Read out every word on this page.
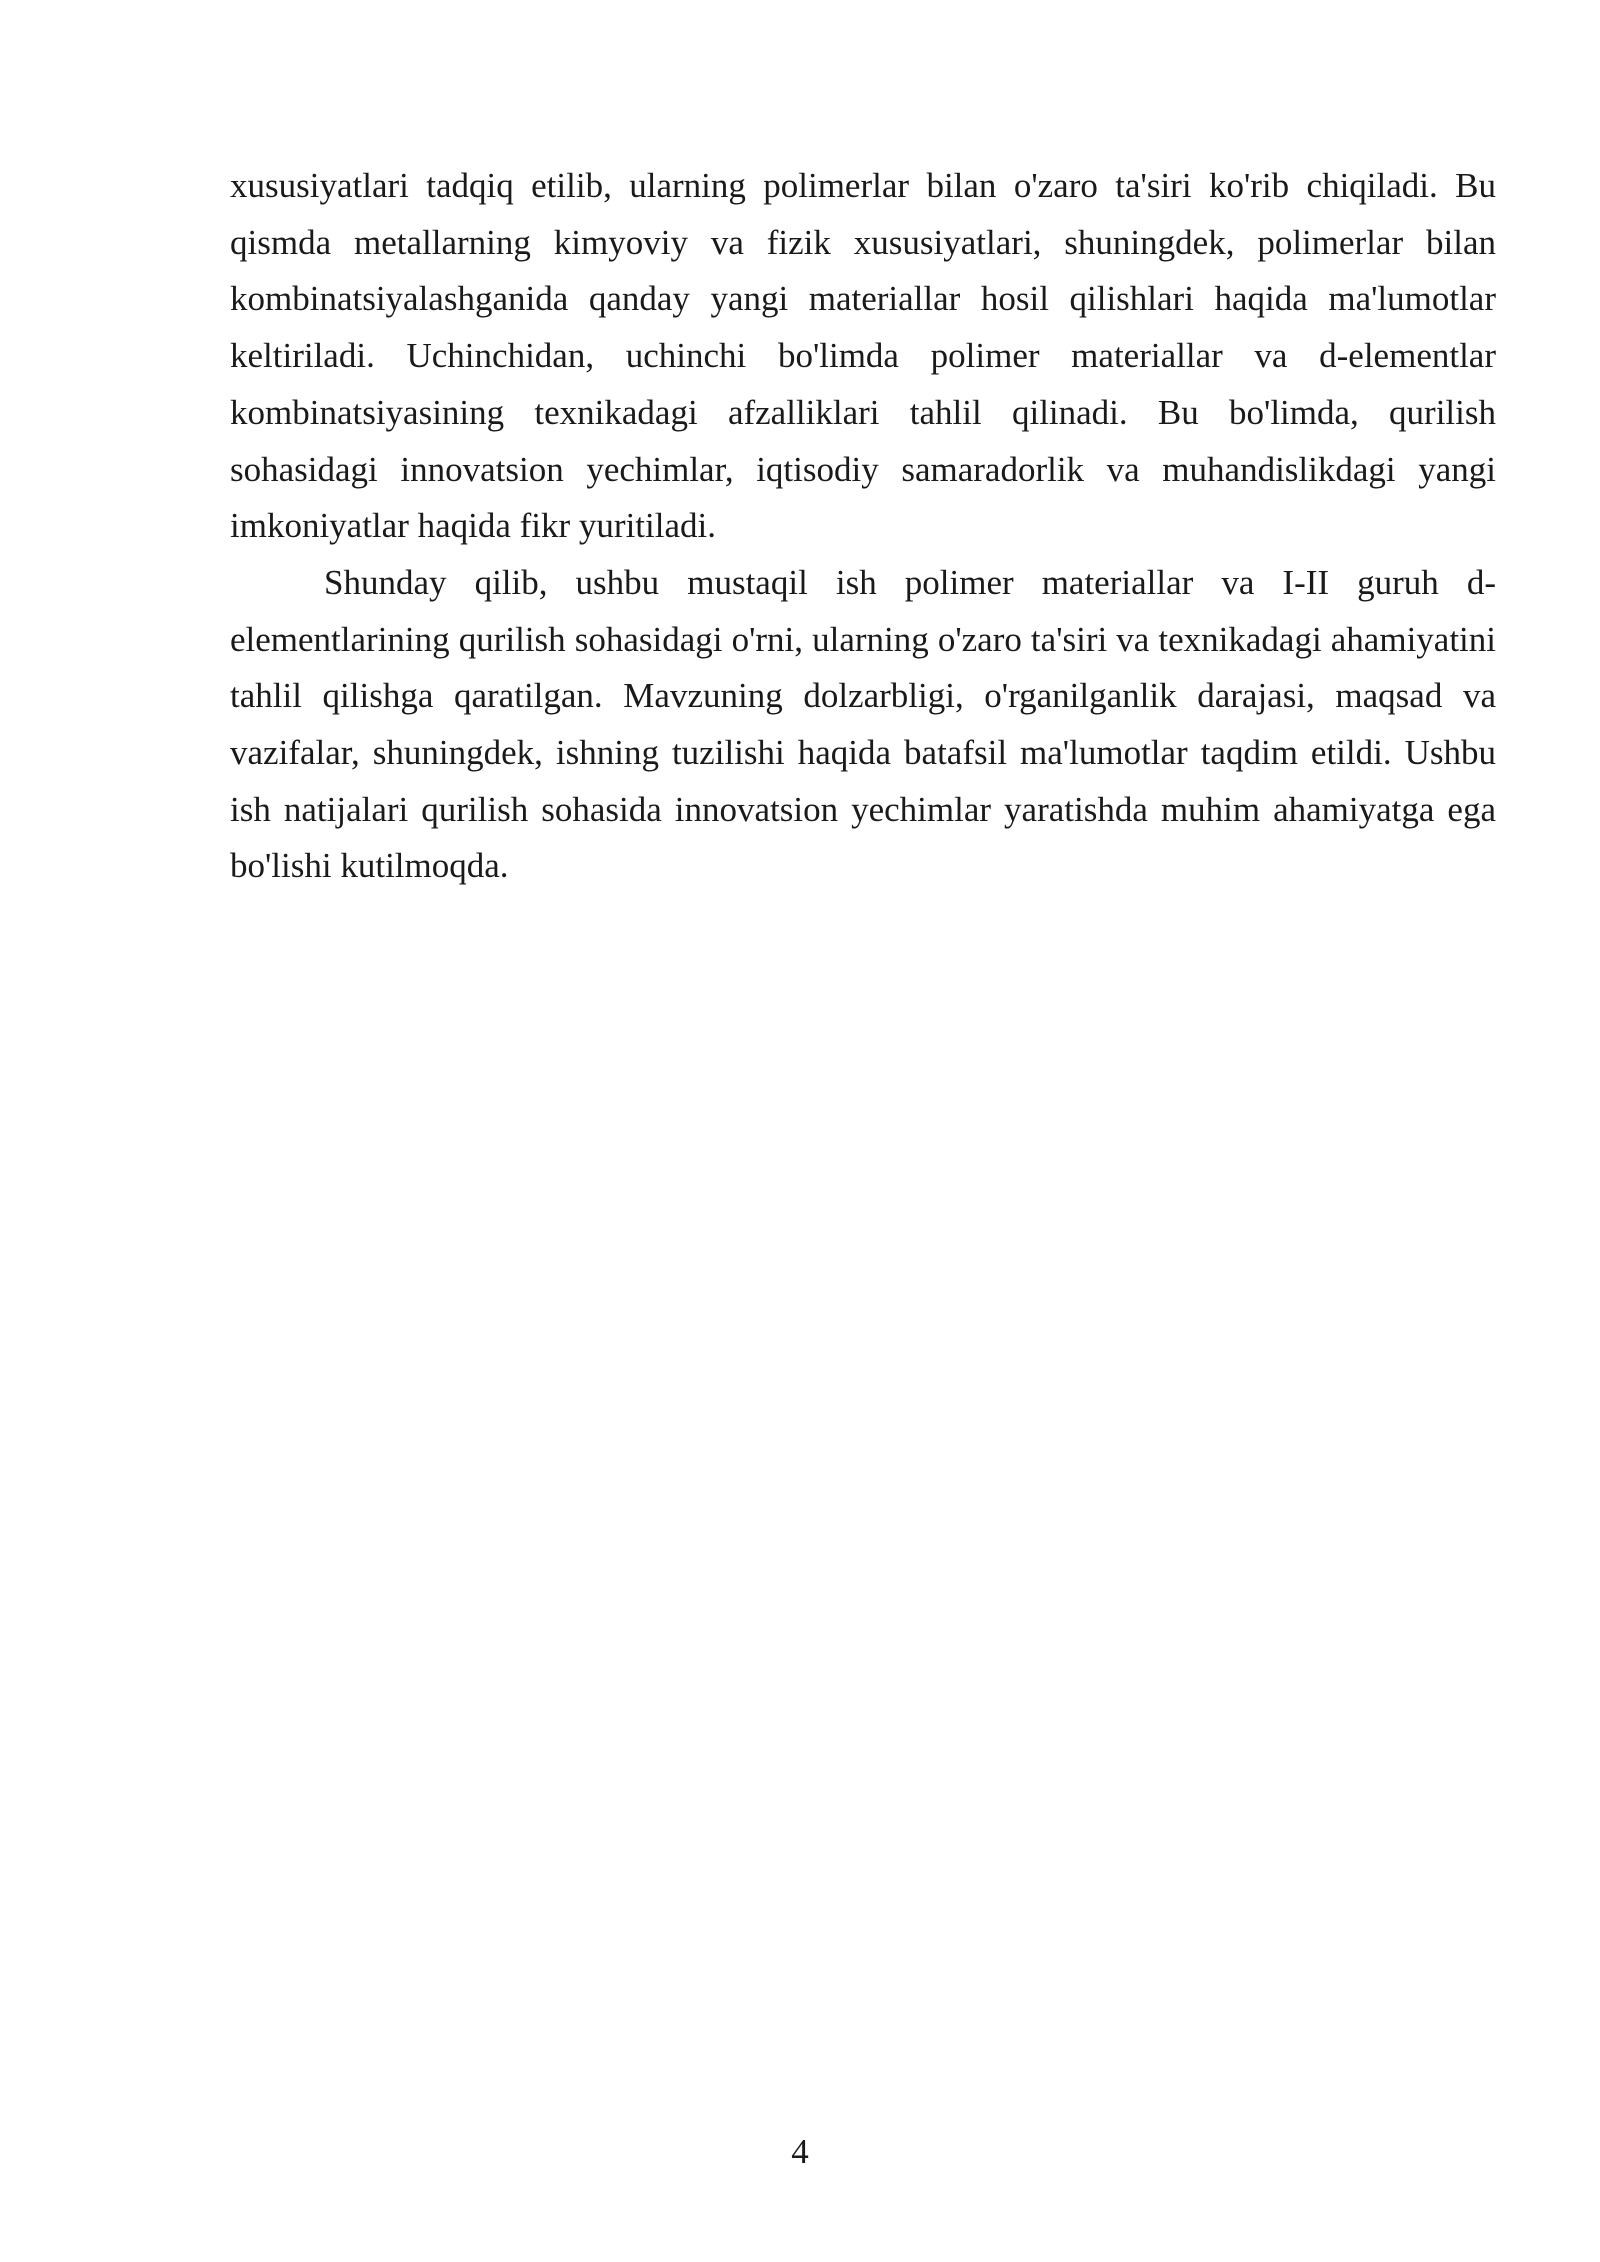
xususiyatlari tadqiq etilib, ularning polimerlar bilan o'zaro ta'siri ko'rib chiqiladi. Bu qismda metallarning kimyoviy va fizik xususiyatlari, shuningdek, polimerlar bilan kombinatsiyalashganida qanday yangi materiallar hosil qilishlari haqida ma'lumotlar keltiriladi. Uchinchidan, uchinchi bo'limda polimer materiallar va d-elementlar kombinatsiyasining texnikadagi afzalliklari tahlil qilinadi. Bu bo'limda, qurilish sohasidagi innovatsion yechimlar, iqtisodiy samaradorlik va muhandislikdagi yangi imkoniyatlar haqida fikr yuritiladi.

Shunday qilib, ushbu mustaqil ish polimer materiallar va I-II guruh d-elementlarining qurilish sohasidagi o'rni, ularning o'zaro ta'siri va texnikadagi ahamiyatini tahlil qilishga qaratilgan. Mavzuning dolzarbligi, o'rganilganlik darajasi, maqsad va vazifalar, shuningdek, ishning tuzilishi haqida batafsil ma'lumotlar taqdim etildi. Ushbu ish natijalari qurilish sohasida innovatsion yechimlar yaratishda muhim ahamiyatga ega bo'lishi kutilmoqda.

4
